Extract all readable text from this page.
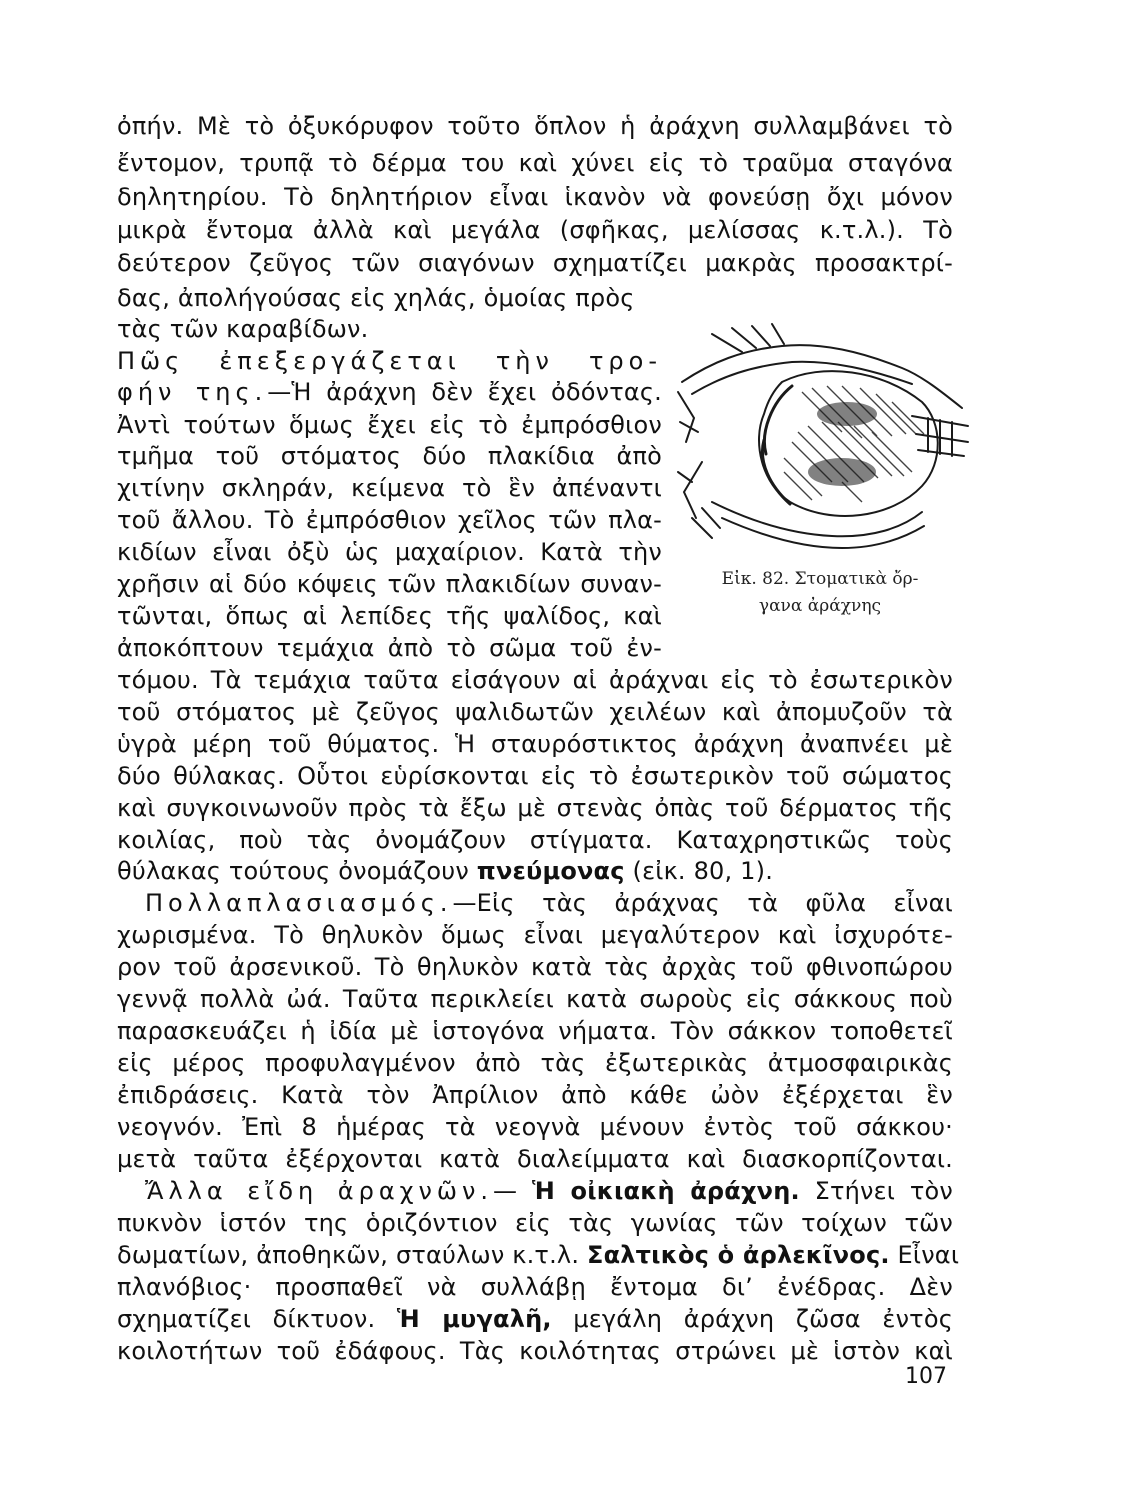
ὀπήν. Μὲ τὸ ὀξυκόρυφον τοῦτο ὅπλον ἡ ἀράχνη συλλαμβάνει τὸ
ἔντομον, τρυπᾷ τὸ δέρμα του καὶ χύνει εἰς τὸ τραῦμα σταγόνα
δηλητηρίου. Τὸ δηλητήριον εἶναι ἱκανὸν νὰ φονεύσῃ ὄχι μόνον
μικρὰ ἔντομα ἀλλὰ καὶ μεγάλα (σφῆκας, μελίσσας κ.τ.λ.). Τὸ
δεύτερον ζεῦγος τῶν σιαγόνων σχηματίζει μακρὰς προσακτρί-
δας, ἀπολήγούσας εἰς χηλάς, ὁμοίας πρὸς
τὰς τῶν καραβίδων.
Πῶς ἐπεξεργάζεται τὴν τρο-
φήν της.—Ἡ ἀράχνη δὲν ἔχει ὀδόντας.
Ἀντὶ τούτων ὅμως ἔχει εἰς τὸ ἐμπρόσθιον
τμῆμα τοῦ στόματος δύο πλακίδια ἀπὸ
χιτίνην σκληράν, κείμενα τὸ ἓν ἀπέναντι
τοῦ ἄλλου. Τὸ ἐμπρόσθιον χεῖλος τῶν πλα-
κιδίων εἶναι ὀξὺ ὡς μαχαίριον. Κατὰ τὴν
χρῆσιν αἱ δύο κόψεις τῶν πλακιδίων συναν-
τῶνται, ὅπως αἱ λεπίδες τῆς ψαλίδος, καὶ
ἀποκόπτουν τεμάχια ἀπὸ τὸ σῶμα τοῦ ἐν-
τόμου. Τὰ τεμάχια ταῦτα εἰσάγουν αἱ ἀράχναι εἰς τὸ ἐσωτερικὸν
τοῦ στόματος μὲ ζεῦγος ψαλιδωτῶν χειλέων καὶ ἀπομυζοῦν τὰ
ὑγρὰ μέρη τοῦ θύματος. Ἡ σταυρόστικτος ἀράχνη ἀναπνέει μὲ
δύο θύλακας. Οὗτοι εὑρίσκονται εἰς τὸ ἐσωτερικὸν τοῦ σώματος
καὶ συγκοινωνοῦν πρὸς τὰ ἔξω μὲ στενὰς ὀπὰς τοῦ δέρματος τῆς
κοιλίας, ποὺ τὰς ὀνομάζουν στίγματα. Καταχρηστικῶς τοὺς
θύλακας τούτους ὀνομάζουν πνεύμονας (εἰκ. 80, 1).
Πολλαπλασιασμός.—Εἰς τὰς ἀράχνας τὰ φῦλα εἶναι
χωρισμένα. Τὸ θηλυκὸν ὅμως εἶναι μεγαλύτερον καὶ ἰσχυρότε-
ρον τοῦ ἀρσενικοῦ. Τὸ θηλυκὸν κατὰ τὰς ἀρχὰς τοῦ φθινοπώρου
γεννᾷ πολλὰ ὠά. Ταῦτα περικλείει κατὰ σωροὺς εἰς σάκκους ποὺ
παρασκευάζει ἡ ἰδία μὲ ἱστογόνα νήματα. Τὸν σάκκον τοποθετεῖ
εἰς μέρος προφυλαγμένον ἀπὸ τὰς ἐξωτερικὰς ἀτμοσφαιρικὰς
ἐπιδράσεις. Κατὰ τὸν Ἀπρίλιον ἀπὸ κάθε ὠὸν ἐξέρχεται ἓν
νεογνόν. Ἐπὶ 8 ἡμέρας τὰ νεογνὰ μένουν ἐντὸς τοῦ σάκκου·
μετὰ ταῦτα ἐξέρχονται κατὰ διαλείμματα καὶ διασκορπίζονται.
Ἄλλα εἴδη ἀραχνῶν.— Ἡ οἰκιακὴ ἀράχνη. Στήνει τὸν
πυκνὸν ἱστόν της ὁριζόντιον εἰς τὰς γωνίας τῶν τοίχων τῶν
δωματίων, ἀποθηκῶν, σταύλων κ.τ.λ. Σαλτικὸς ὁ ἀρλεκῖνος. Εἶναι
πλανόβιος· προσπαθεῖ νὰ συλλάβῃ ἔντομα δι’ ἐνέδρας. Δὲν
σχηματίζει δίκτυον. Ἡ μυγαλῆ, μεγάλη ἀράχνη ζῶσα ἐντὸς
κοιλοτήτων τοῦ ἐδάφους. Τὰς κοιλότητας στρώνει μὲ ἱστὸν καὶ
Εἰκ. 82. Στοματικὰ ὄρ-
γανα ἀράχνης
107
